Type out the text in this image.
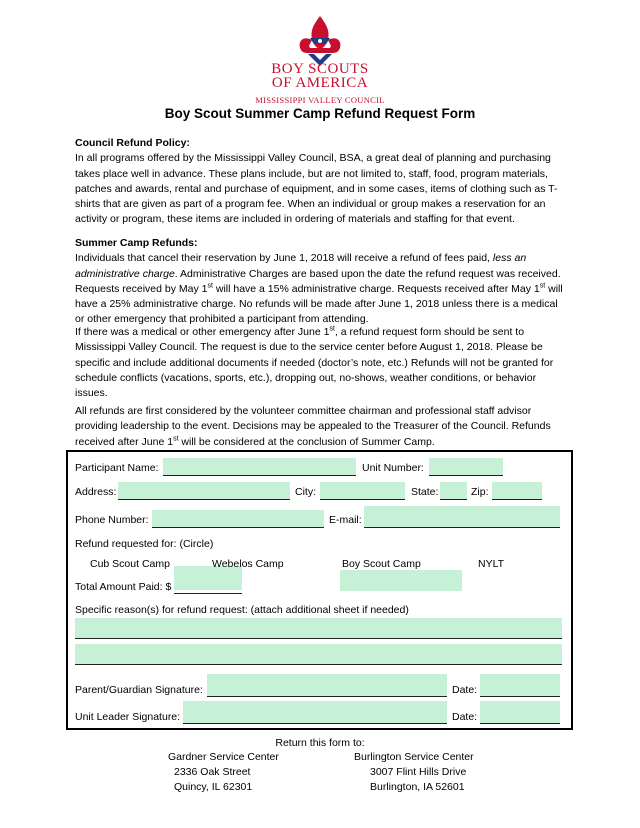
BOY SCOUTS
OF AMERICA
MISSISSIPPI VALLEY COUNCIL
Boy Scout Summer Camp Refund Request Form
Council Refund Policy:
In all programs offered by the Mississippi Valley Council, BSA, a great deal of planning and purchasing takes place well in advance. These plans include, but are not limited to, staff, food, program materials, patches and awards, rental and purchase of equipment, and in some cases, items of clothing such as T-shirts that are given as part of a program fee. When an individual or group makes a reservation for an activity or program, these items are included in ordering of materials and staffing for that event.
Summer Camp Refunds:
Individuals that cancel their reservation by June 1, 2018 will receive a refund of fees paid, less an administrative charge. Administrative Charges are based upon the date the refund request was received. Requests received by May 1st will have a 15% administrative charge. Requests received after May 1st will have a 25% administrative charge. No refunds will be made after June 1, 2018 unless there is a medical or other emergency that prohibited a participant from attending.
If there was a medical or other emergency after June 1st, a refund request form should be sent to Mississippi Valley Council. The request is due to the service center before August 1, 2018. Please be specific and include additional documents if needed (doctor’s note, etc.) Refunds will not be granted for schedule conflicts (vacations, sports, etc.), dropping out, no-shows, weather conditions, or behavior issues.
All refunds are first considered by the volunteer committee chairman and professional staff advisor providing leadership to the event. Decisions may be appealed to the Treasurer of the Council. Refunds received after June 1st will be considered at the conclusion of Summer Camp.
Participant Name:	Unit Number:
Address:	City:	State:	Zip:
Phone Number:	E-mail:
Refund requested for: (Circle)
Cub Scout Camp	Webelos Camp	Boy Scout Camp	NYLT
Total Amount Paid: $
Specific reason(s) for refund request: (attach additional sheet if needed)
Parent/Guardian Signature:	Date:
Unit Leader Signature:	Date:
Return this form to:
Gardner Service Center
2336 Oak Street
Quincy, IL 62301
Burlington Service Center
3007 Flint Hills Drive
Burlington, IA 52601
